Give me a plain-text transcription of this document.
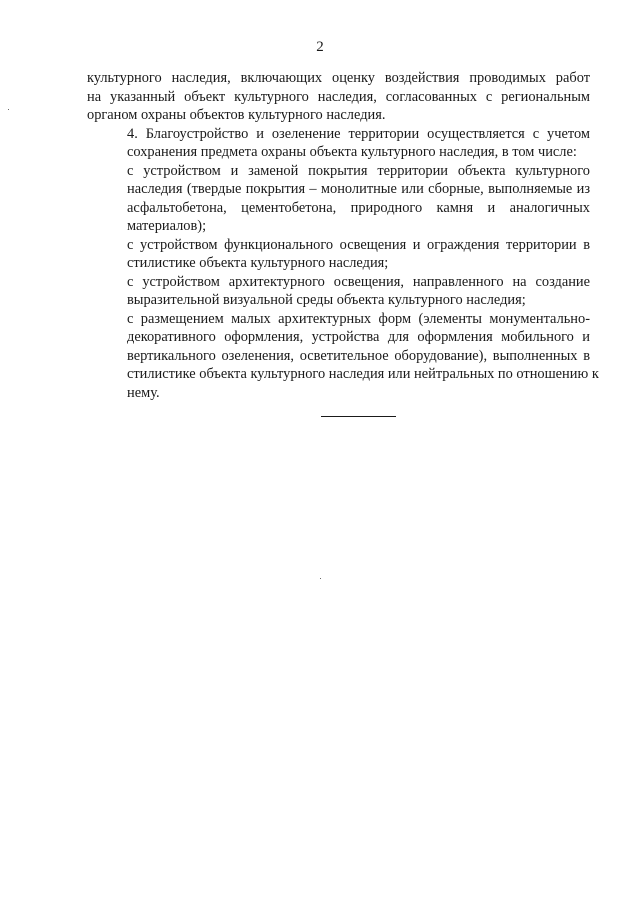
2

культурного наследия, включающих оценку воздействия проводимых работ
на указанный объект культурного наследия, согласованных с региональным
органом охраны объектов культурного наследия.

4. Благоустройство и озеленение территории осуществляется с учетом
сохранения предмета охраны объекта культурного наследия, в том числе:

с устройством и заменой покрытия территории объекта культурного
наследия (твердые покрытия – монолитные или сборные, выполняемые из
асфальтобетона, цементобетона, природного камня и аналогичных
материалов);

с устройством функционального освещения и ограждения территории в
стилистике объекта культурного наследия;

с устройством архитектурного освещения, направленного на создание
выразительной визуальной среды объекта культурного наследия;

с размещением малых архитектурных форм (элементы монументально-
декоративного оформления, устройства для оформления мобильного и
вертикального озеленения, осветительное оборудование), выполненных в
стилистике объекта культурного наследия или нейтральных по отношению к
нему.
